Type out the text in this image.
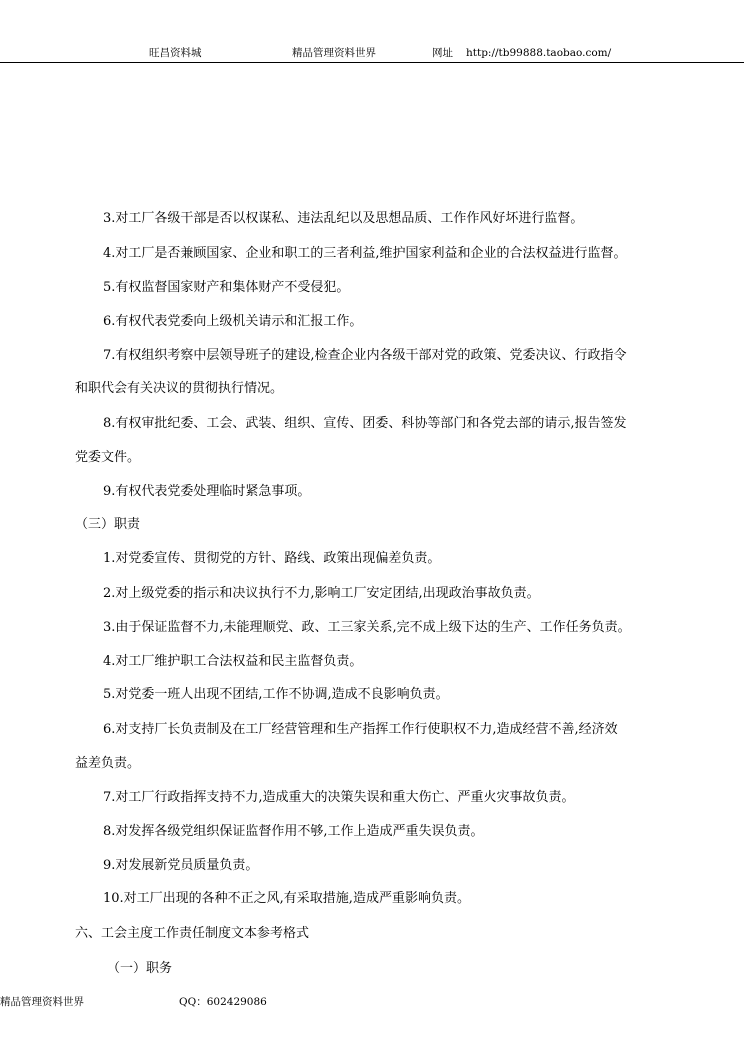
旺昌资料城	精品管理资料世界	网址 http://tb99888.taobao.com/
3.对工厂各级干部是否以权谋私、违法乱纪以及思想品质、工作作风好坏进行监督。
4.对工厂是否兼顾国家、企业和职工的三者利益,维护国家利益和企业的合法权益进行监督。
5.有权监督国家财产和集体财产不受侵犯。
6.有权代表党委向上级机关请示和汇报工作。
7.有权组织考察中层领导班子的建设,检查企业内各级干部对党的政策、党委决议、行政指令
和职代会有关决议的贯彻执行情况。
8.有权审批纪委、工会、武装、组织、宣传、团委、科协等部门和各党去部的请示,报告签发
党委文件。
9.有权代表党委处理临时紧急事项。
（三）职责
1.对党委宣传、贯彻党的方针、路线、政策出现偏差负责。
2.对上级党委的指示和决议执行不力,影响工厂安定团结,出现政治事故负责。
3.由于保证监督不力,未能理顺党、政、工三家关系,完不成上级下达的生产、工作任务负责。
4.对工厂维护职工合法权益和民主监督负责。
5.对党委一班人出现不团结,工作不协调,造成不良影响负责。
6.对支持厂长负责制及在工厂经营管理和生产指挥工作行使职权不力,造成经营不善,经济效
益差负责。
7.对工厂行政指挥支持不力,造成重大的决策失误和重大伤亡、严重火灾事故负责。
8.对发挥各级党组织保证监督作用不够,工作上造成严重失误负责。
9.对发展新党员质量负责。
10.对工厂出现的各种不正之风,有采取措施,造成严重影响负责。
六、工会主度工作责任制度文本参考格式
（一）职务
精品管理资料世界	QQ：602429086
